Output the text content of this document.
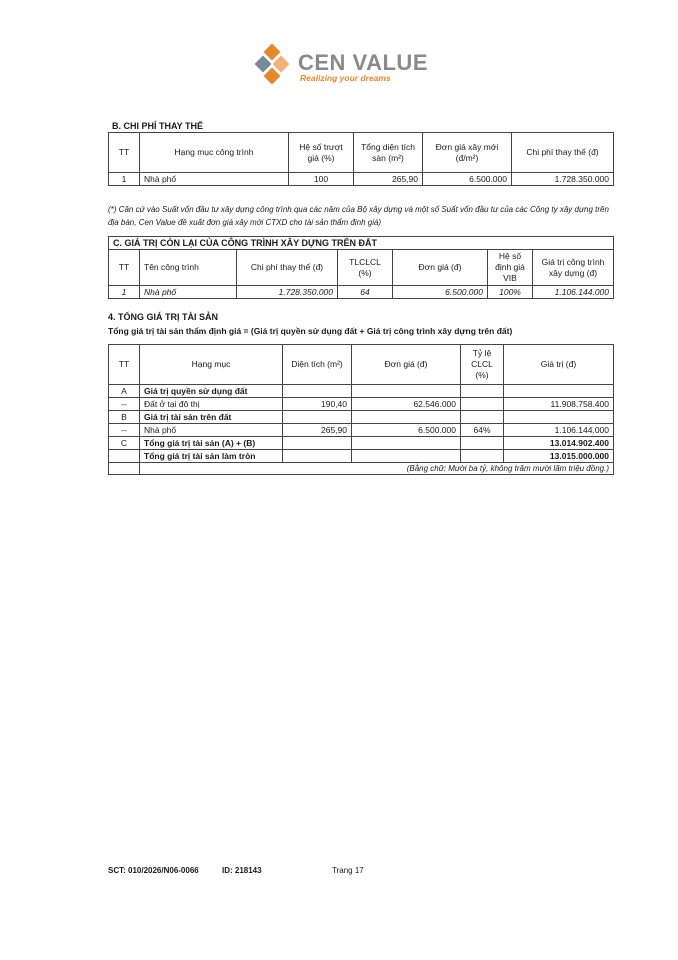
CEN VALUE
Realizing your dreams
B. CHI PHÍ THAY THẾ
TT	Hạng mục công trình	Hệ số trượt giá (%)	Tổng diện tích sàn (m²)	Đơn giá xây mới (đ/m²)	Chi phí thay thế (đ)
1	Nhà phố	100	265,90	6.500.000	1.728.350.000
(*) Căn cứ vào Suất vốn đầu tư xây dựng công trình qua các năm của Bộ xây dựng và một số Suất vốn đầu tư của các Công ty xây dựng trên địa bàn, Cen Value đề xuất đơn giá xây mới CTXD cho tài sản thẩm định giá)
C. GIÁ TRỊ CÒN LẠI CỦA CÔNG TRÌNH XÂY DỰNG TRÊN ĐẤT						
TT	Tên công trình	Chi phí thay thế (đ)	TLCLCL (%)	Đơn giá (đ)	Hệ số định giá VIB	Giá trị công trình xây dựng (đ)
1	Nhà phố	1.728.350.000	64	6.500.000	100%	1.106.144.000
4. TỔNG GIÁ TRỊ TÀI SẢN
Tổng giá trị tài sản thẩm định giá = (Giá trị quyền sử dụng đất + Giá trị công trình xây dựng trên đất)
TT	Hạng mục	Diện tích (m²)	Đơn giá (đ)	Tỷ lệ CLCL (%)	Giá trị (đ)
A	Giá trị quyền sử dụng đất				
--	Đất ở tại đô thị	190,40	62.546.000		11.908.758.400
B	Giá trị tài sản trên đất				
--	Nhà phố	265,90	6.500.000	64%	1.106.144.000
C	Tổng giá trị tài sản (A) + (B)				13.014.902.400
	Tổng giá trị tài sản làm tròn				13.015.000.000
	(Bằng chữ: Mười ba tỷ, không trăm mười lăm triệu đồng.)				
SCT: 010/2026/N06-0066	ID: 218143	Trang 17
